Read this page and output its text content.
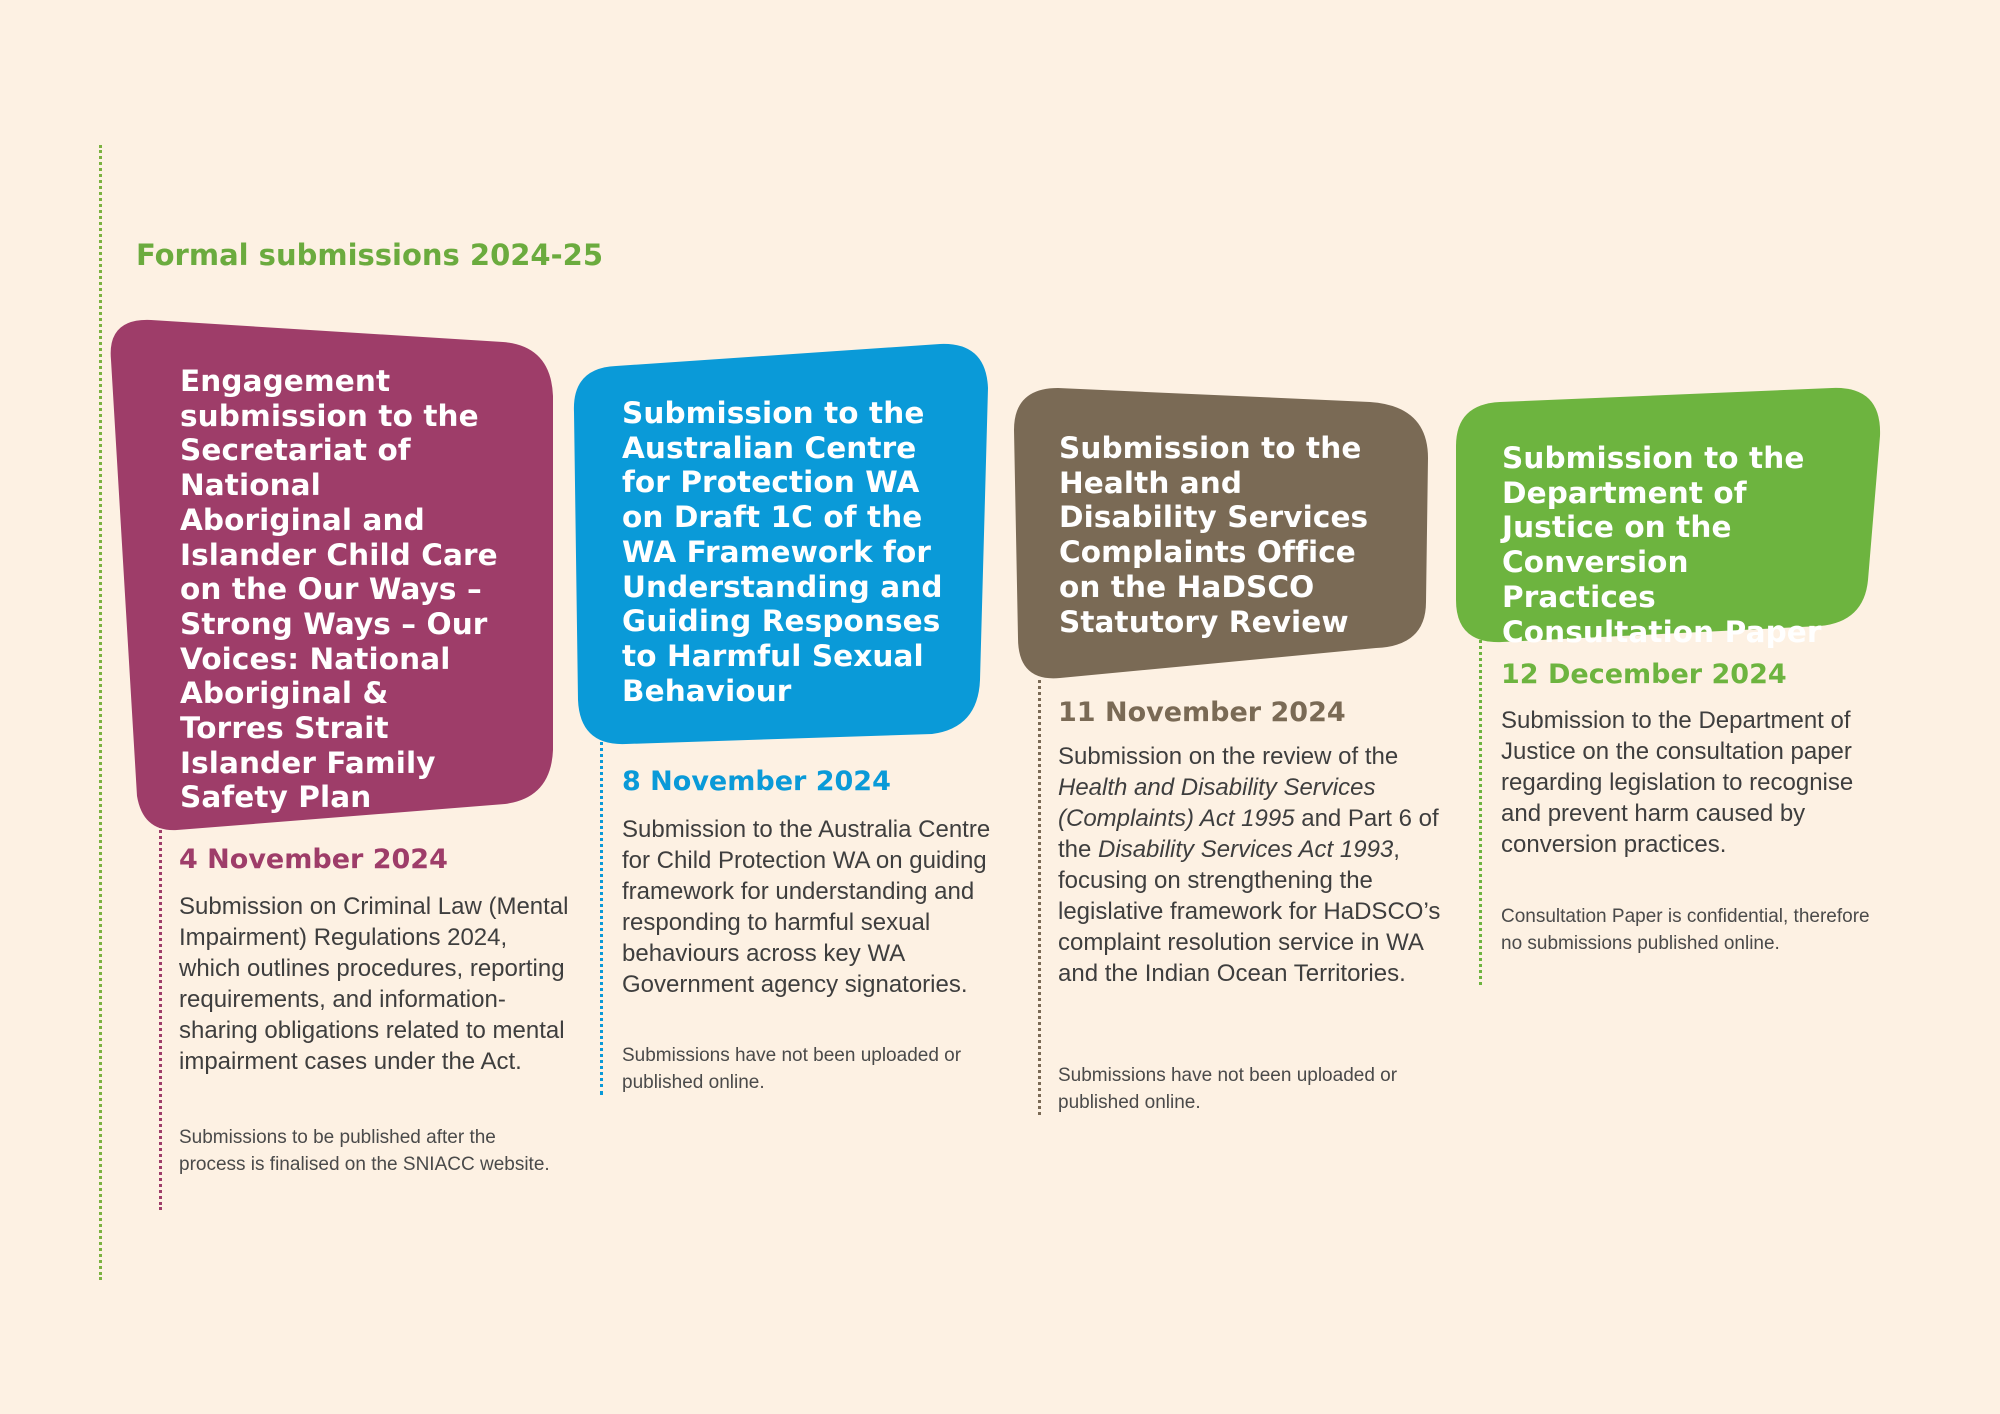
Formal submissions 2024-25
Engagement submission to the Secretariat of National Aboriginal and Islander Child Care on the Our Ways – Strong Ways – Our Voices: National Aboriginal & Torres Strait Islander Family Safety Plan
4 November 2024
Submission on Criminal Law (Mental Impairment) Regulations 2024, which outlines procedures, reporting requirements, and information-sharing obligations related to mental impairment cases under the Act.
Submissions to be published after the process is finalised on the SNIACC website.
Submission to the Australian Centre for Protection WA on Draft 1C of the WA Framework for Understanding and Guiding Responses to Harmful Sexual Behaviour
8 November 2024
Submission to the Australia Centre for Child Protection WA on guiding framework for understanding and responding to harmful sexual behaviours across key WA Government agency signatories.
Submissions have not been uploaded or published online.
Submission to the Health and Disability Services Complaints Office on the HaDSCO Statutory Review
11 November 2024
Submission on the review of the Health and Disability Services (Complaints) Act 1995 and Part 6 of the Disability Services Act 1993, focusing on strengthening the legislative framework for HaDSCO’s complaint resolution service in WA and the Indian Ocean Territories.
Submissions have not been uploaded or published online.
Submission to the Department of Justice on the Conversion Practices Consultation Paper
12 December 2024
Submission to the Department of Justice on the consultation paper regarding legislation to recognise and prevent harm caused by conversion practices.
Consultation Paper is confidential, therefore no submissions published online.
